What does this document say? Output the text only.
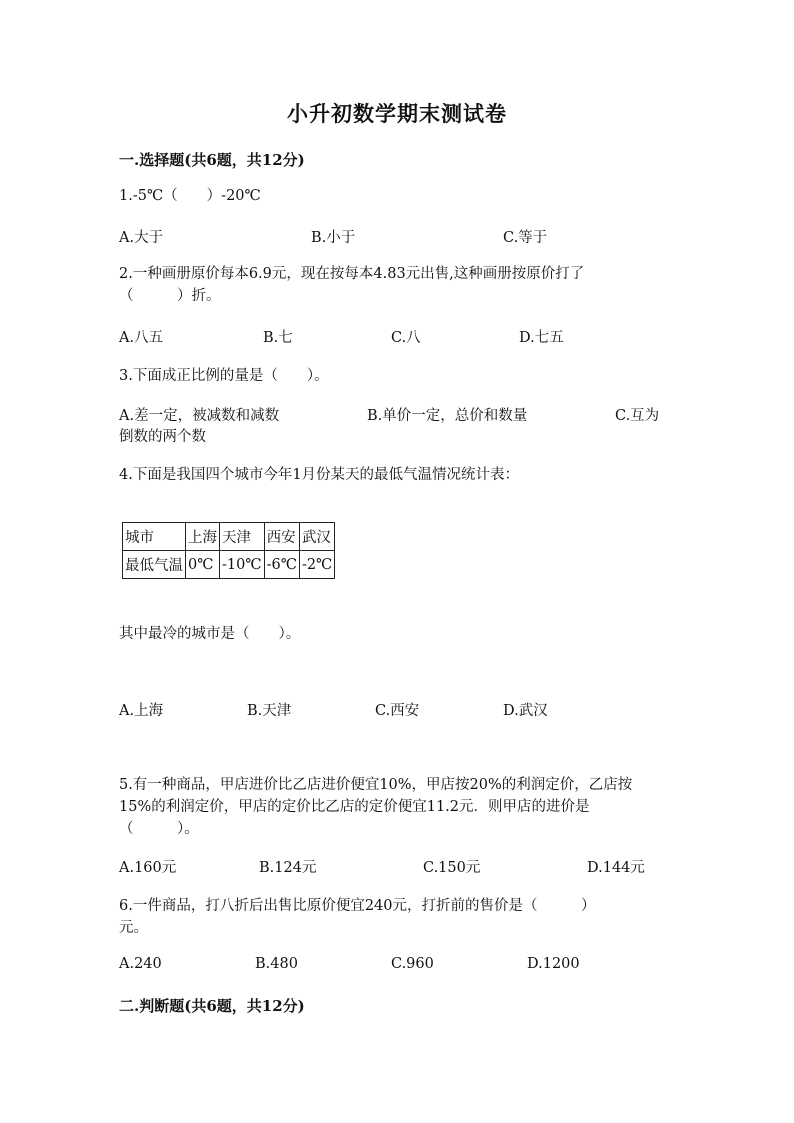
小升初数学期末测试卷
一.选择题(共6题，共12分)
1.-5℃（　　）-20℃
A.大于	B.小于	C.等于
2.一种画册原价每本6.9元，现在按每本4.83元出售,这种画册按原价打了
（　　　）折。
A.八五	B.七	C.八	D.七五
3.下面成正比例的量是（　　）。
A.差一定，被减数和减数	B.单价一定，总价和数量	C.互为
倒数的两个数
4.下面是我国四个城市今年1月份某天的最低气温情况统计表：
城市	上海	天津	西安	武汉
最低气温	0℃	-10℃	-6℃	-2℃
其中最冷的城市是（　　）。
A.上海	B.天津	C.西安	D.武汉
5.有一种商品，甲店进价比乙店进价便宜10%，甲店按20%的利润定价，乙店按
15%的利润定价，甲店的定价比乙店的定价便宜11.2元．则甲店的进价是
（　　　）。
A.160元	B.124元	C.150元	D.144元
6.一件商品，打八折后出售比原价便宜240元，打折前的售价是（　　　）
元。
A.240	B.480	C.960	D.1200
二.判断题(共6题，共12分)
